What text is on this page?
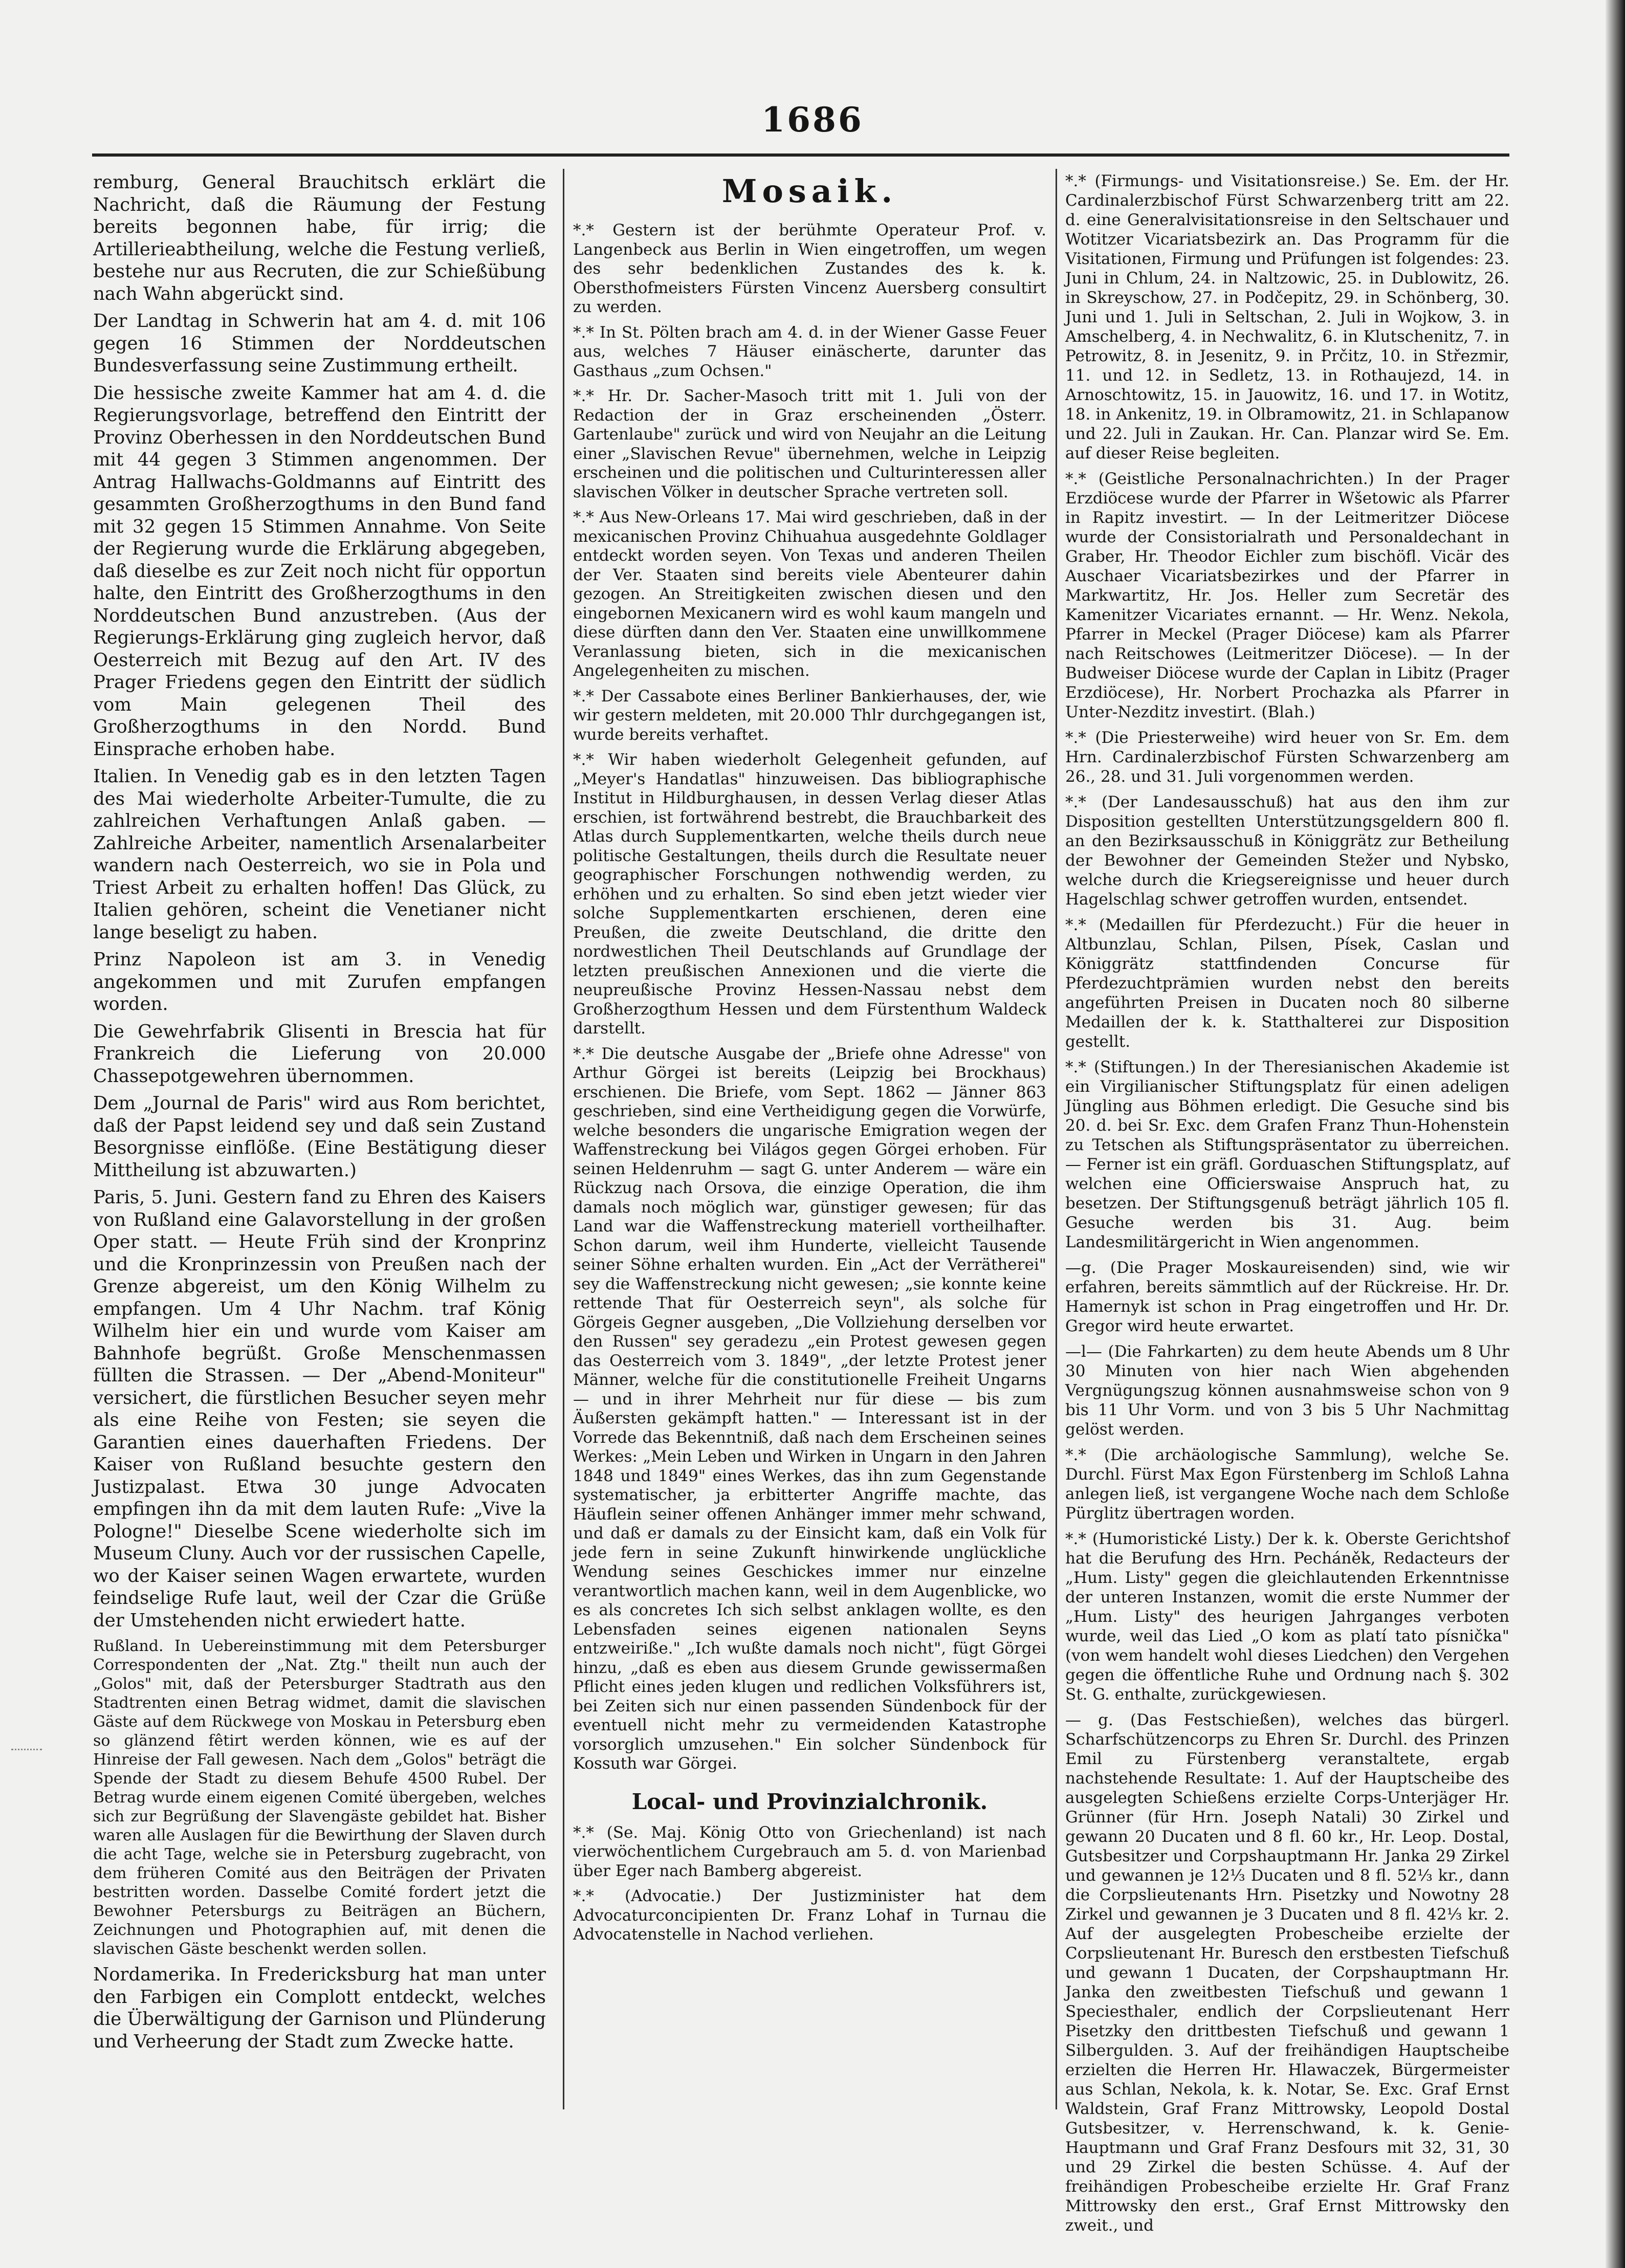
1686

remburg, General Brauchitsch erklärt die Nachricht, daß die Räumung der Festung bereits begonnen habe, für irrig; die Artillerieabtheilung, welche die Festung verließ, bestehe nur aus Recruten, die zur Schießübung nach Wahn abgerückt sind.

Der Landtag in Schwerin hat am 4. d. mit 106 gegen 16 Stimmen der Norddeutschen Bundesverfassung seine Zustimmung ertheilt.

Die hessische zweite Kammer hat am 4. d. die Regierungsvorlage, betreffend den Eintritt der Provinz Oberhessen in den Norddeutschen Bund mit 44 gegen 3 Stimmen angenommen. Der Antrag Hallwachs-Goldmanns auf Eintritt des gesammten Großherzogthums in den Bund fand mit 32 gegen 15 Stimmen Annahme. Von Seite der Regierung wurde die Erklärung abgegeben, daß dieselbe es zur Zeit noch nicht für opportun halte, den Eintritt des Großherzogthums in den Norddeutschen Bund anzustreben. (Aus der Regierungs-Erklärung ging zugleich hervor, daß Oesterreich mit Bezug auf den Art. IV des Prager Friedens gegen den Eintritt der südlich vom Main gelegenen Theil des Großherzogthums in den Nordd. Bund Einsprache erhoben habe.

Italien. In Venedig gab es in den letzten Tagen des Mai wiederholte Arbeiter-Tumulte, die zu zahlreichen Verhaftungen Anlaß gaben. — Zahlreiche Arbeiter, namentlich Arsenalarbeiter wandern nach Oesterreich, wo sie in Pola und Triest Arbeit zu erhalten hoffen! Das Glück, zu Italien gehören, scheint die Venetianer nicht lange beseligt zu haben.

Prinz Napoleon ist am 3. in Venedig angekommen und mit Zurufen empfangen worden.

Die Gewehrfabrik Glisenti in Brescia hat für Frankreich die Lieferung von 20.000 Chassepotgewehren übernommen.

Dem „Journal de Paris" wird aus Rom berichtet, daß der Papst leidend sey und daß sein Zustand Besorgnisse einflöße. (Eine Bestätigung dieser Mittheilung ist abzuwarten.)

Paris, 5. Juni. Gestern fand zu Ehren des Kaisers von Rußland eine Galavorstellung in der großen Oper statt. — Heute Früh sind der Kronprinz und die Kronprinzessin von Preußen nach der Grenze abgereist, um den König Wilhelm zu empfangen. Um 4 Uhr Nachm. traf König Wilhelm hier ein und wurde vom Kaiser am Bahnhofe begrüßt. Große Menschenmassen füllten die Strassen. — Der „Abend-Moniteur" versichert, die fürstlichen Besucher seyen mehr als eine Reihe von Festen; sie seyen die Garantien eines dauerhaften Friedens. Der Kaiser von Rußland besuchte gestern den Justizpalast. Etwa 30 junge Advocaten empfingen ihn da mit dem lauten Rufe: „Vive la Pologne!" Dieselbe Scene wiederholte sich im Museum Cluny. Auch vor der russischen Capelle, wo der Kaiser seinen Wagen erwartete, wurden feindselige Rufe laut, weil der Czar die Grüße der Umstehenden nicht erwiedert hatte.

Rußland. In Uebereinstimmung mit dem Petersburger Correspondenten der „Nat. Ztg." theilt nun auch der „Golos" mit, daß der Petersburger Stadtrath aus den Stadtrenten einen Betrag widmet, damit die slavischen Gäste auf dem Rückwege von Moskau in Petersburg eben so glänzend fêtirt werden können, wie es auf der Hinreise der Fall gewesen. Nach dem „Golos" beträgt die Spende der Stadt zu diesem Behufe 4500 Rubel. Der Betrag wurde einem eigenen Comité übergeben, welches sich zur Begrüßung der Slavengäste gebildet hat. Bisher waren alle Auslagen für die Bewirthung der Slaven durch die acht Tage, welche sie in Petersburg zugebracht, von dem früheren Comité aus den Beiträgen der Privaten bestritten worden. Dasselbe Comité fordert jetzt die Bewohner Petersburgs zu Beiträgen an Büchern, Zeichnungen und Photographien auf, mit denen die slavischen Gäste beschenkt werden sollen.

Nordamerika. In Fredericksburg hat man unter den Farbigen ein Complott entdeckt, welches die Überwältigung der Garnison und Plünderung und Verheerung der Stadt zum Zwecke hatte.

Mosaik.

*.* Gestern ist der berühmte Operateur Prof. v. Langenbeck aus Berlin in Wien eingetroffen, um wegen des sehr bedenklichen Zustandes des k. k. Obersthofmeisters Fürsten Vincenz Auersberg consultirt zu werden.

*.* In St. Pölten brach am 4. d. in der Wiener Gasse Feuer aus, welches 7 Häuser einäscherte, darunter das Gasthaus „zum Ochsen."

*.* Hr. Dr. Sacher-Masoch tritt mit 1. Juli von der Redaction der in Graz erscheinenden „Österr. Gartenlaube" zurück und wird von Neujahr an die Leitung einer „Slavischen Revue" übernehmen, welche in Leipzig erscheinen und die politischen und Culturinteressen aller slavischen Völker in deutscher Sprache vertreten soll.

*.* Aus New-Orleans 17. Mai wird geschrieben, daß in der mexicanischen Provinz Chihuahua ausgedehnte Goldlager entdeckt worden seyen. Von Texas und anderen Theilen der Ver. Staaten sind bereits viele Abenteurer dahin gezogen. An Streitigkeiten zwischen diesen und den eingebornen Mexicanern wird es wohl kaum mangeln und diese dürften dann den Ver. Staaten eine unwillkommene Veranlassung bieten, sich in die mexicanischen Angelegenheiten zu mischen.

*.* Der Cassabote eines Berliner Bankierhauses, der, wie wir gestern meldeten, mit 20.000 Thlr durchgegangen ist, wurde bereits verhaftet.

*.* Wir haben wiederholt Gelegenheit gefunden, auf „Meyer's Handatlas" hinzuweisen. Das bibliographische Institut in Hildburghausen, in dessen Verlag dieser Atlas erschien, ist fortwährend bestrebt, die Brauchbarkeit des Atlas durch Supplementkarten, welche theils durch neue politische Gestaltungen, theils durch die Resultate neuer geographischer Forschungen nothwendig werden, zu erhöhen und zu erhalten. So sind eben jetzt wieder vier solche Supplementkarten erschienen, deren eine Preußen, die zweite Deutschland, die dritte den nordwestlichen Theil Deutschlands auf Grundlage der letzten preußischen Annexionen und die vierte die neupreußische Provinz Hessen-Nassau nebst dem Großherzogthum Hessen und dem Fürstenthum Waldeck darstellt.

*.* Die deutsche Ausgabe der „Briefe ohne Adresse" von Arthur Görgei ist bereits (Leipzig bei Brockhaus) erschienen. Die Briefe, vom Sept. 1862 — Jänner 863 geschrieben, sind eine Vertheidigung gegen die Vorwürfe, welche besonders die ungarische Emigration wegen der Waffenstreckung bei Világos gegen Görgei erhoben. Für seinen Heldenruhm — sagt G. unter Anderem — wäre ein Rückzug nach Orsova, die einzige Operation, die ihm damals noch möglich war, günstiger gewesen; für das Land war die Waffenstreckung materiell vortheilhafter. Schon darum, weil ihm Hunderte, vielleicht Tausende seiner Söhne erhalten wurden. Ein „Act der Verrätherei" sey die Waffenstreckung nicht gewesen; „sie konnte keine rettende That für Oesterreich seyn", als solche für Görgeis Gegner ausgeben, „Die Vollziehung derselben vor den Russen" sey geradezu „ein Protest gewesen gegen das Oesterreich vom 3. 1849", „der letzte Protest jener Männer, welche für die constitutionelle Freiheit Ungarns — und in ihrer Mehrheit nur für diese — bis zum Äußersten gekämpft hatten." — Interessant ist in der Vorrede das Bekenntniß, daß nach dem Erscheinen seines Werkes: „Mein Leben und Wirken in Ungarn in den Jahren 1848 und 1849" eines Werkes, das ihn zum Gegenstande systematischer, ja erbitterter Angriffe machte, das Häuflein seiner offenen Anhänger immer mehr schwand, und daß er damals zu der Einsicht kam, daß ein Volk für jede fern in seine Zukunft hinwirkende unglückliche Wendung seines Geschickes immer nur einzelne verantwortlich machen kann, weil in dem Augenblicke, wo es als concretes Ich sich selbst anklagen wollte, es den Lebensfaden seines eigenen nationalen Seyns entzweiriße." „Ich wußte damals noch nicht", fügt Görgei hinzu, „daß es eben aus diesem Grunde gewissermaßen Pflicht eines jeden klugen und redlichen Volksführers ist, bei Zeiten sich nur einen passenden Sündenbock für der eventuell nicht mehr zu vermeidenden Katastrophe vorsorglich umzusehen." Ein solcher Sündenbock für Kossuth war Görgei.

Local- und Provinzialchronik.

*.* (Se. Maj. König Otto von Griechenland) ist nach vierwöchentlichem Curgebrauch am 5. d. von Marienbad über Eger nach Bamberg abgereist.

*.* (Advocatie.) Der Justizminister hat dem Advocaturconcipienten Dr. Franz Lohaf in Turnau die Advocatenstelle in Nachod verliehen.

*.* (Firmungs- und Visitationsreise.) Se. Em. der Hr. Cardinalerzbischof Fürst Schwarzenberg tritt am 22. d. eine Generalvisitationsreise in den Seltschauer und Wotitzer Vicariatsbezirk an. Das Programm für die Visitationen, Firmung und Prüfungen ist folgendes: 23. Juni in Chlum, 24. in Naltzowic, 25. in Dublowitz, 26. in Skreyschow, 27. in Podčepitz, 29. in Schönberg, 30. Juni und 1. Juli in Seltschan, 2. Juli in Wojkow, 3. in Amschelberg, 4. in Nechwalitz, 6. in Klutschenitz, 7. in Petrowitz, 8. in Jesenitz, 9. in Prčitz, 10. in Střezmir, 11. und 12. in Sedletz, 13. in Rothaujezd, 14. in Arnoschtowitz, 15. in Jauowitz, 16. und 17. in Wotitz, 18. in Ankenitz, 19. in Olbramowitz, 21. in Schlapanow und 22. Juli in Zaukan. Hr. Can. Planzar wird Se. Em. auf dieser Reise begleiten.

*.* (Geistliche Personalnachrichten.) In der Prager Erzdiöcese wurde der Pfarrer in Wšetowic als Pfarrer in Rapitz investirt. — In der Leitmeritzer Diöcese wurde der Consistorialrath und Personaldechant in Graber, Hr. Theodor Eichler zum bischöfl. Vicär des Auschaer Vicariatsbezirkes und der Pfarrer in Markwartitz, Hr. Jos. Heller zum Secretär des Kamenitzer Vicariates ernannt. — Hr. Wenz. Nekola, Pfarrer in Meckel (Prager Diöcese) kam als Pfarrer nach Reitschowes (Leitmeritzer Diöcese). — In der Budweiser Diöcese wurde der Caplan in Libitz (Prager Erzdiöcese), Hr. Norbert Prochazka als Pfarrer in Unter-Nezditz investirt. (Blah.)

*.* (Die Priesterweihe) wird heuer von Sr. Em. dem Hrn. Cardinalerzbischof Fürsten Schwarzenberg am 26., 28. und 31. Juli vorgenommen werden.

*.* (Der Landesausschuß) hat aus den ihm zur Disposition gestellten Unterstützungsgeldern 800 fl. an den Bezirksausschuß in Königgrätz zur Betheilung der Bewohner der Gemeinden Stežer und Nybsko, welche durch die Kriegsereignisse und heuer durch Hagelschlag schwer getroffen wurden, entsendet.

*.* (Medaillen für Pferdezucht.) Für die heuer in Altbunzlau, Schlan, Pilsen, Písek, Caslan und Königgrätz stattfindenden Concurse für Pferdezuchtprämien wurden nebst den bereits angeführten Preisen in Ducaten noch 80 silberne Medaillen der k. k. Statthalterei zur Disposition gestellt.

*.* (Stiftungen.) In der Theresianischen Akademie ist ein Virgilianischer Stiftungsplatz für einen adeligen Jüngling aus Böhmen erledigt. Die Gesuche sind bis 20. d. bei Sr. Exc. dem Grafen Franz Thun-Hohenstein zu Tetschen als Stiftungspräsentator zu überreichen. — Ferner ist ein gräfl. Gorduaschen Stiftungsplatz, auf welchen eine Officierswaise Anspruch hat, zu besetzen. Der Stiftungsgenuß beträgt jährlich 105 fl. Gesuche werden bis 31. Aug. beim Landesmilitärgericht in Wien angenommen.

—g. (Die Prager Moskaureisenden) sind, wie wir erfahren, bereits sämmtlich auf der Rückreise. Hr. Dr. Hamernyk ist schon in Prag eingetroffen und Hr. Dr. Gregor wird heute erwartet.

—l— (Die Fahrkarten) zu dem heute Abends um 8 Uhr 30 Minuten von hier nach Wien abgehenden Vergnügungszug können ausnahmsweise schon von 9 bis 11 Uhr Vorm. und von 3 bis 5 Uhr Nachmittag gelöst werden.

*.* (Die archäologische Sammlung), welche Se. Durchl. Fürst Max Egon Fürstenberg im Schloß Lahna anlegen ließ, ist vergangene Woche nach dem Schloße Pürglitz übertragen worden.

*.* (Humoristické Listy.) Der k. k. Oberste Gerichtshof hat die Berufung des Hrn. Pecháněk, Redacteurs der „Hum. Listy" gegen die gleichlautenden Erkenntnisse der unteren Instanzen, womit die erste Nummer der „Hum. Listy" des heurigen Jahrganges verboten wurde, weil das Lied „O kom as platí tato písnička" (von wem handelt wohl dieses Liedchen) den Vergehen gegen die öffentliche Ruhe und Ordnung nach §. 302 St. G. enthalte, zurückgewiesen.

— g. (Das Festschießen), welches das bürgerl. Scharfschützencorps zu Ehren Sr. Durchl. des Prinzen Emil zu Fürstenberg veranstaltete, ergab nachstehende Resultate: 1. Auf der Hauptscheibe des ausgelegten Schießens erzielte Corps-Unterjäger Hr. Grünner (für Hrn. Joseph Natali) 30 Zirkel und gewann 20 Ducaten und 8 fl. 60 kr., Hr. Leop. Dostal, Gutsbesitzer und Corpshauptmann Hr. Janka 29 Zirkel und gewannen je 12⅓ Ducaten und 8 fl. 52⅓ kr., dann die Corpslieutenants Hrn. Pisetzky und Nowotny 28 Zirkel und gewannen je 3 Ducaten und 8 fl. 42⅓ kr. 2. Auf der ausgelegten Probescheibe erzielte der Corpslieutenant Hr. Buresch den erstbesten Tiefschuß und gewann 1 Ducaten, der Corpshauptmann Hr. Janka den zweitbesten Tiefschuß und gewann 1 Speciesthaler, endlich der Corpslieutenant Herr Pisetzky den drittbesten Tiefschuß und gewann 1 Silbergulden. 3. Auf der freihändigen Hauptscheibe erzielten die Herren Hr. Hlawaczek, Bürgermeister aus Schlan, Nekola, k. k. Notar, Se. Exc. Graf Ernst Waldstein, Graf Franz Mittrowsky, Leopold Dostal Gutsbesitzer, v. Herrenschwand, k. k. Genie-Hauptmann und Graf Franz Desfours mit 32, 31, 30 und 29 Zirkel die besten Schüsse. 4. Auf der freihändigen Probescheibe erzielte Hr. Graf Franz Mittrowsky den erst., Graf Ernst Mittrowsky den zweit., und
